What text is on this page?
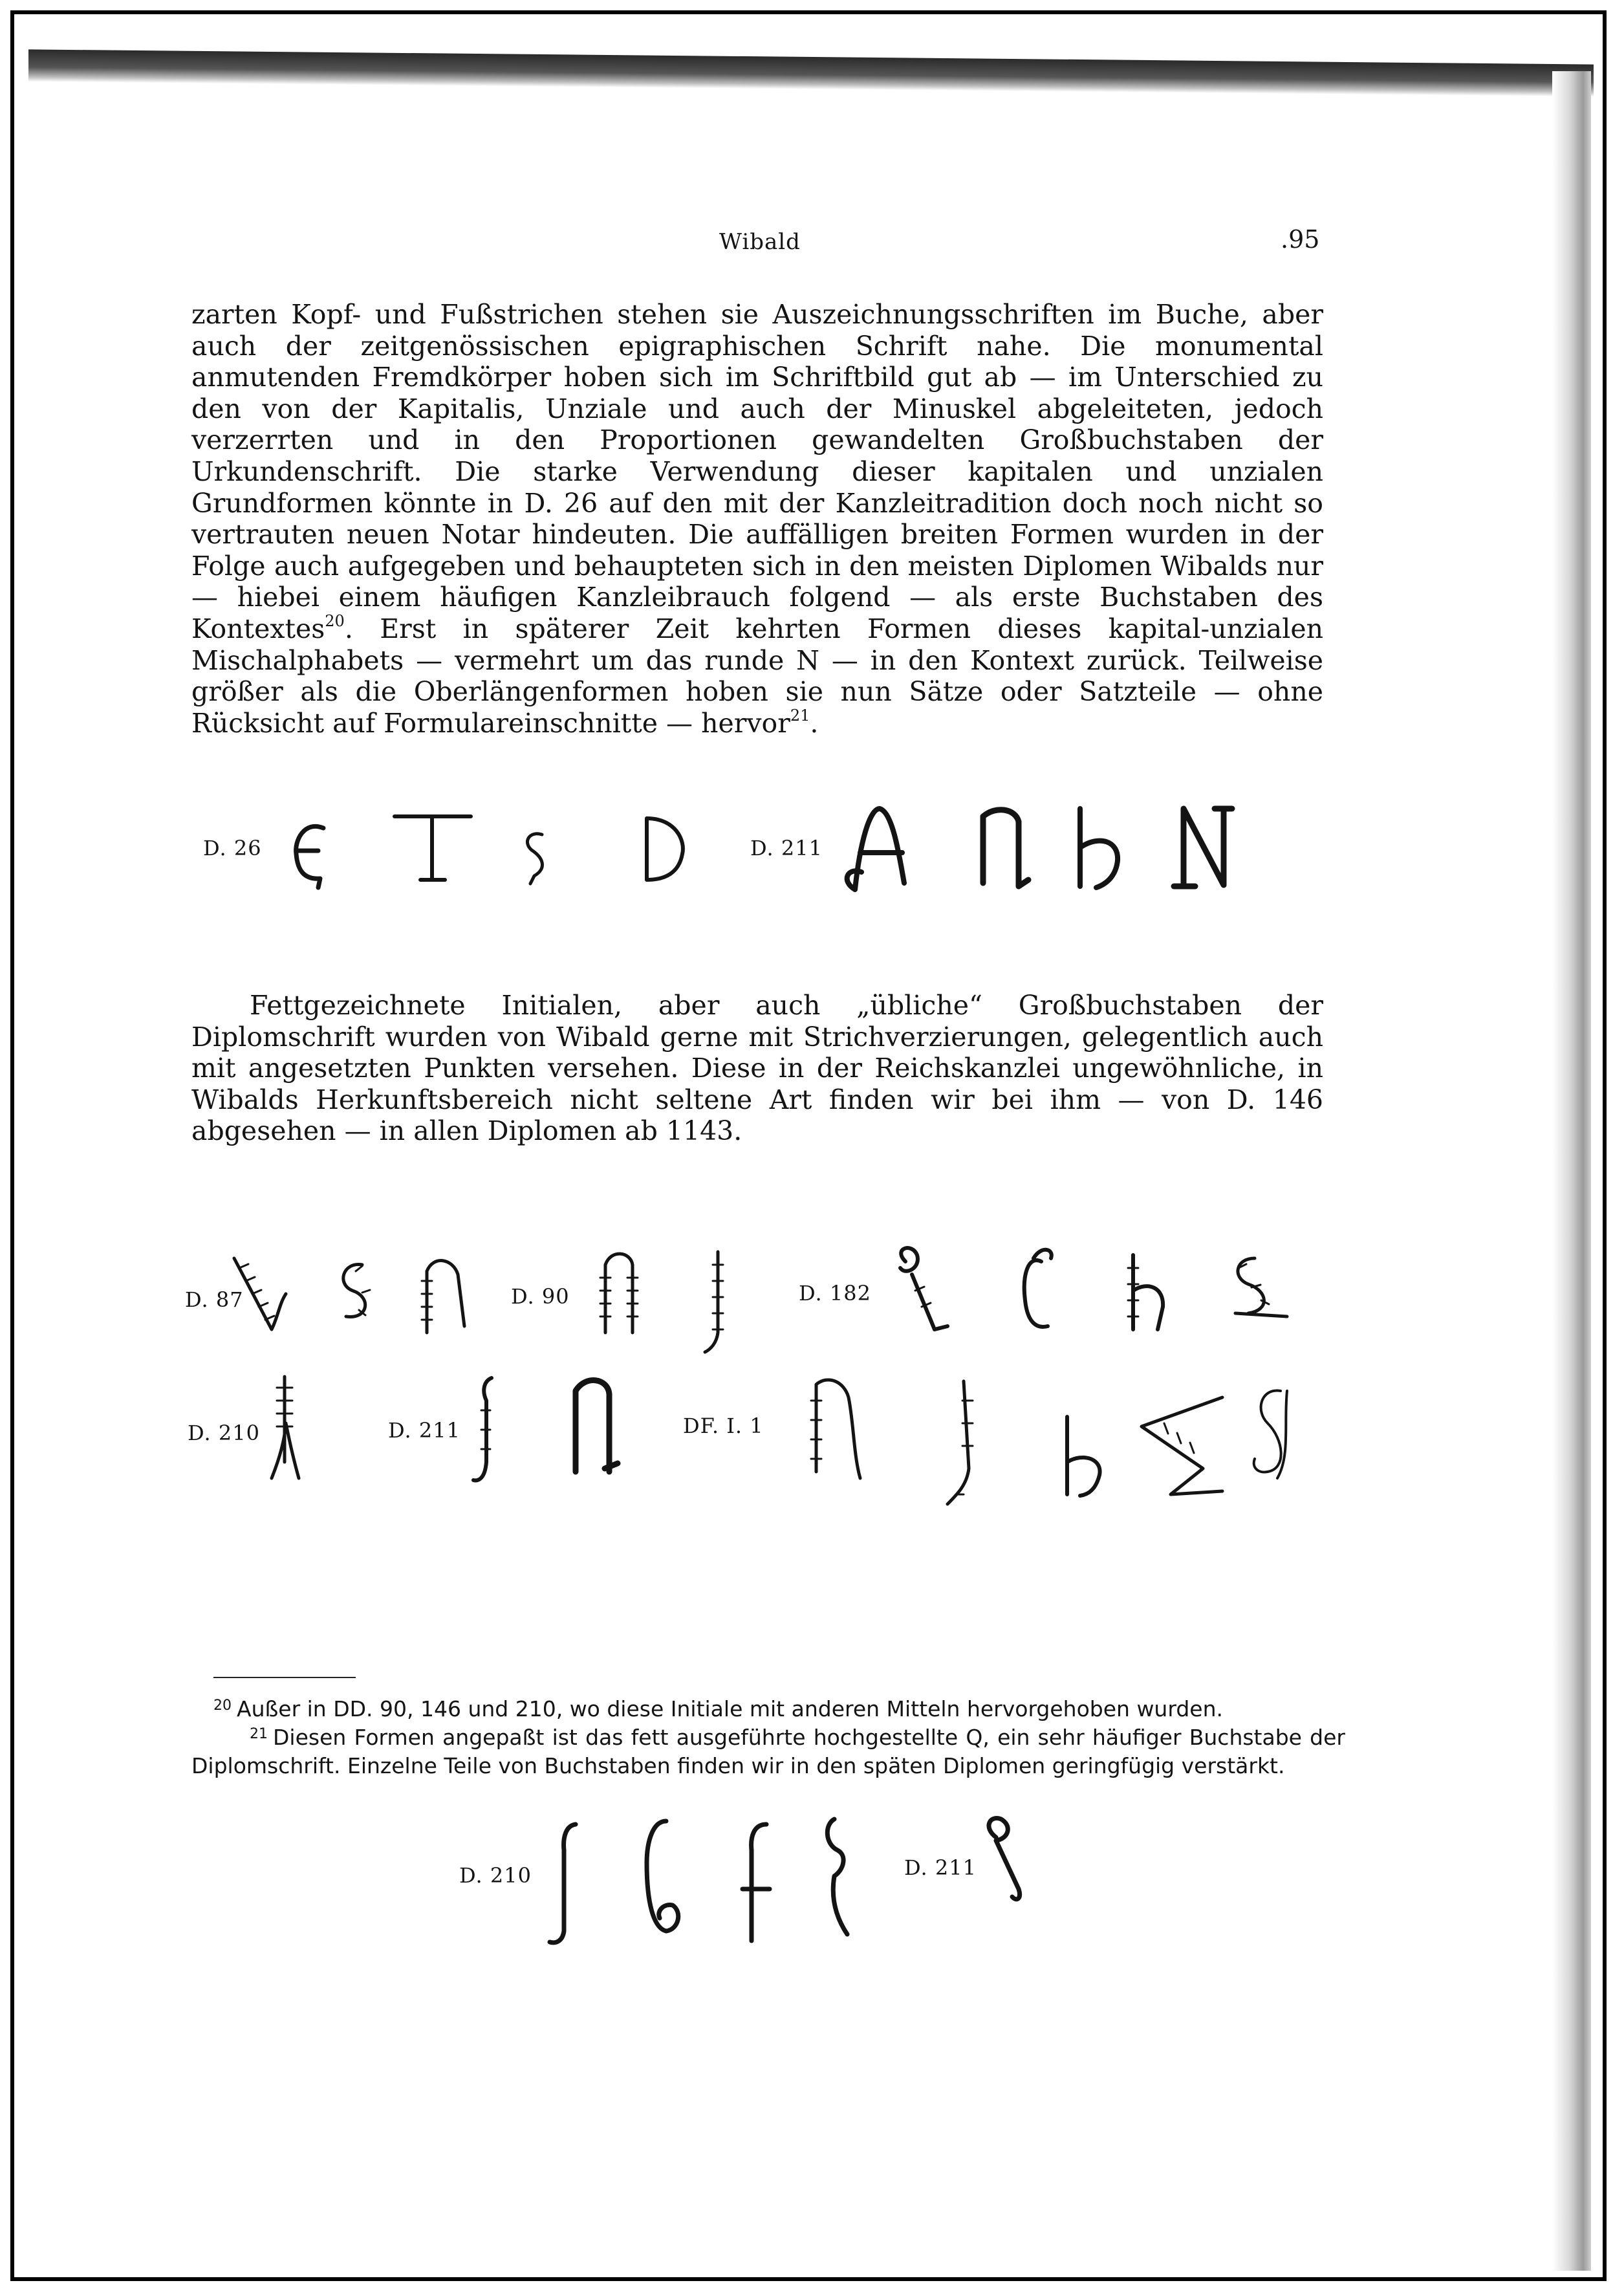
Wibald	.95
zarten Kopf- und Fußstrichen stehen sie Auszeichnungsschriften im Buche, aber auch der zeitgenössischen epigraphischen Schrift nahe. Die monumental anmutenden Fremdkörper hoben sich im Schriftbild gut ab — im Unterschied zu den von der Kapitalis, Unziale und auch der Minuskel abgeleiteten, jedoch verzerrten und in den Proportionen gewandelten Großbuchstaben der Urkundenschrift. Die starke Verwendung dieser kapitalen und unzialen Grundformen könnte in D. 26 auf den mit der Kanzleitradition doch noch nicht so vertrauten neuen Notar hindeuten. Die auffälligen breiten Formen wurden in der Folge auch aufgegeben und behaupteten sich in den meisten Diplomen Wibalds nur — hiebei einem häufigen Kanzleibrauch folgend — als erste Buchstaben des Kontextes$^{20}$. Erst in späterer Zeit kehrten Formen dieses kapital-unzialen Mischalphabets — vermehrt um das runde N — in den Kontext zurück. Teilweise größer als die Oberlängenformen hoben sie nun Sätze oder Satzteile — ohne Rücksicht auf Formulareinschnitte — hervor$^{21}$.
D. 26	D. 211
Fettgezeichnete Initialen, aber auch „übliche“ Großbuchstaben der Diplomschrift wurden von Wibald gerne mit Strichverzierungen, gelegentlich auch mit angesetzten Punkten versehen. Diese in der Reichskanzlei ungewöhnliche, in Wibalds Herkunftsbereich nicht seltene Art finden wir bei ihm — von D. 146 abgesehen — in allen Diplomen ab 1143.
D. 87	D. 90	D. 182
D. 210	D. 211	DF. I. 1
$^{20}$ Außer in DD. 90, 146 und 210, wo diese Initiale mit anderen Mitteln hervorgehoben wurden.
$^{21}$ Diesen Formen angepaßt ist das fett ausgeführte hochgestellte Q, ein sehr häufiger Buchstabe der Diplomschrift. Einzelne Teile von Buchstaben finden wir in den späten Diplomen geringfügig verstärkt.
D. 210	D. 211
